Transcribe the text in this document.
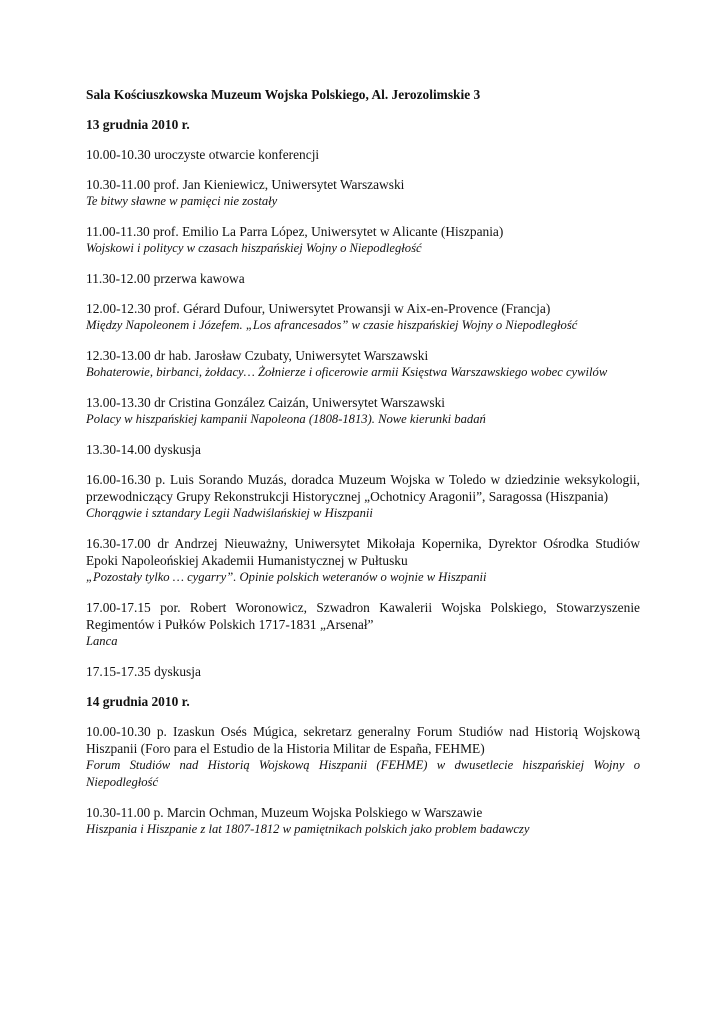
Sala Kościuszkowska Muzeum Wojska Polskiego, Al. Jerozolimskie 3
13 grudnia 2010 r.
10.00-10.30 uroczyste otwarcie konferencji
10.30-11.00 prof. Jan Kieniewicz, Uniwersytet Warszawski
Te bitwy sławne w pamięci nie zostały
11.00-11.30 prof. Emilio La Parra López, Uniwersytet w Alicante (Hiszpania)
Wojskowi i politycy w czasach hiszpańskiej Wojny o Niepodległość
11.30-12.00 przerwa kawowa
12.00-12.30 prof. Gérard Dufour, Uniwersytet Prowansji w Aix-en-Provence (Francja)
Między Napoleonem i Józefem. „Los afrancesados” w czasie hiszpańskiej Wojny o Niepodległość
12.30-13.00 dr hab. Jarosław Czubaty, Uniwersytet Warszawski
Bohaterowie, birbanci, żołdacy… Żołnierze i oficerowie armii Księstwa Warszawskiego wobec cywilów
13.00-13.30 dr Cristina González Caizán, Uniwersytet Warszawski
Polacy w hiszpańskiej kampanii Napoleona (1808-1813). Nowe kierunki badań
13.30-14.00 dyskusja
16.00-16.30 p. Luis Sorando Muzás, doradca Muzeum Wojska w Toledo w dziedzinie weksykologii, przewodniczący Grupy Rekonstrukcji Historycznej „Ochotnicy Aragonii”, Saragossa (Hiszpania)
Chorągwie i sztandary Legii Nadwiślańskiej w Hiszpanii
16.30-17.00 dr Andrzej Nieuważny, Uniwersytet Mikołaja Kopernika, Dyrektor Ośrodka Studiów Epoki Napoleońskiej Akademii Humanistycznej w Pułtusku
„Pozostały tylko … cygarry”. Opinie polskich weteranów o wojnie w Hiszpanii
17.00-17.15 por. Robert Woronowicz, Szwadron Kawalerii Wojska Polskiego, Stowarzyszenie Regimentów i Pułków Polskich 1717-1831 „Arsenał”
Lanca
17.15-17.35 dyskusja
14 grudnia 2010 r.
10.00-10.30 p. Izaskun Osés Múgica, sekretarz generalny Forum Studiów nad Historią Wojskową Hiszpanii (Foro para el Estudio de la Historia Militar de España, FEHME)
Forum Studiów nad Historią Wojskową Hiszpanii (FEHME) w dwusetlecie hiszpańskiej Wojny o Niepodległość
10.30-11.00 p. Marcin Ochman, Muzeum Wojska Polskiego w Warszawie
Hiszpania i Hiszpanie z lat 1807-1812 w pamiętnikach polskich jako problem badawczy
